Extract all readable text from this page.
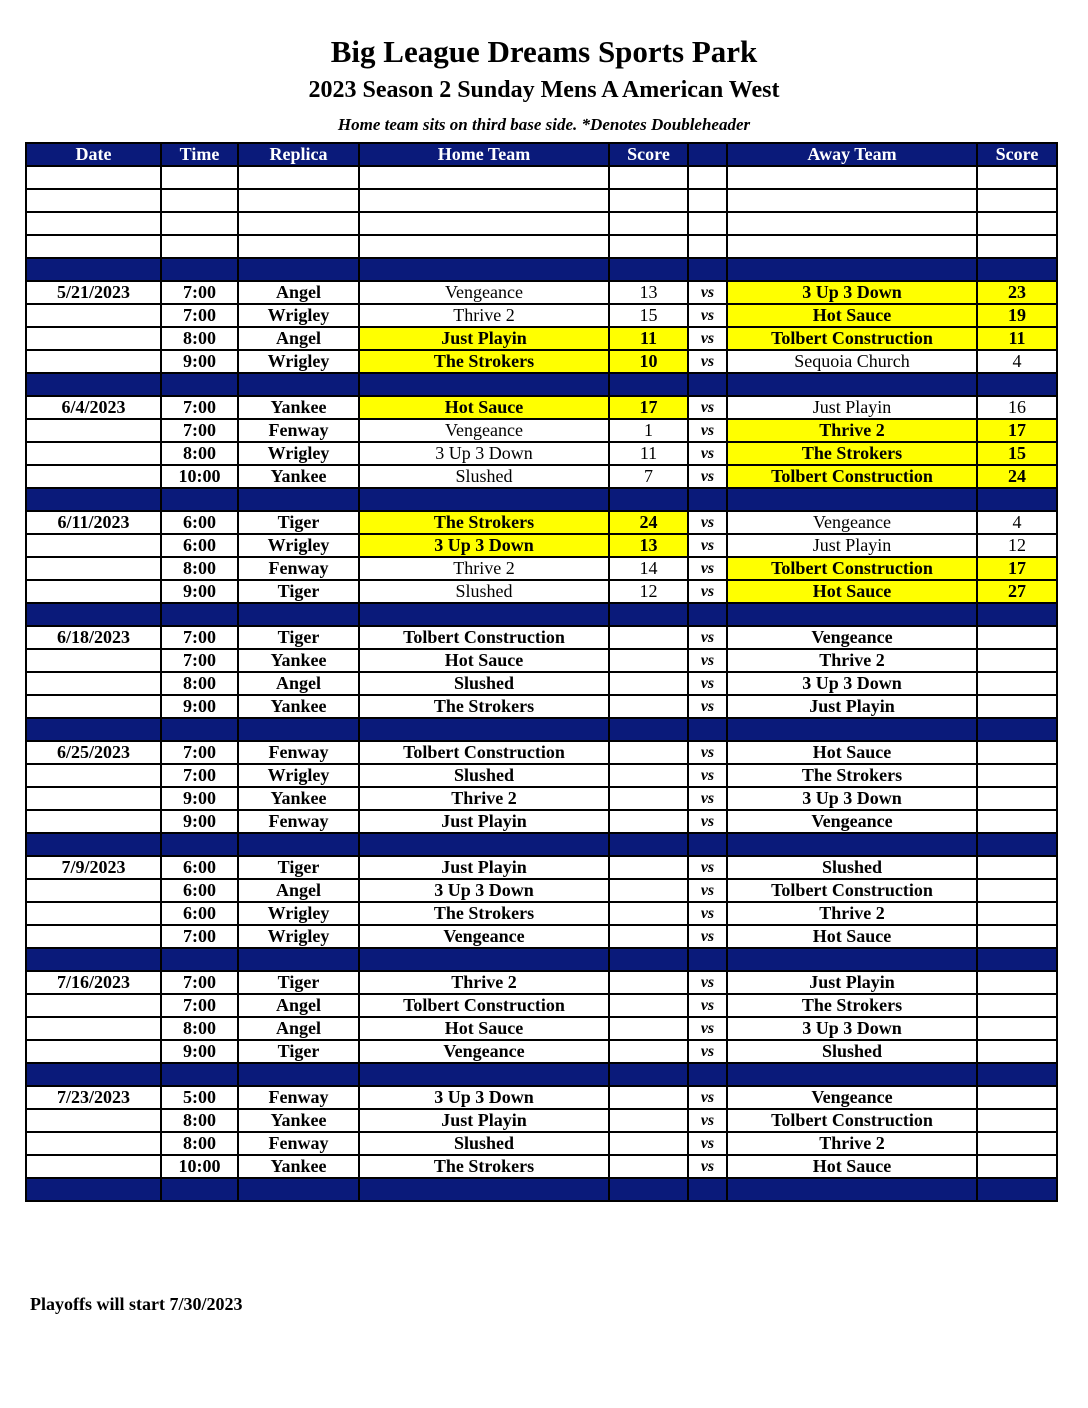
Big League Dreams Sports Park
2023 Season 2 Sunday Mens A American West
Home team sits on third base side. *Denotes Doubleheader
Date	Time	Replica	Home Team	Score		Away Team	Score

5/21/2023	7:00	Angel	Vengeance	13	vs	3 Up 3 Down	23
	7:00	Wrigley	Thrive 2	15	vs	Hot Sauce	19
	8:00	Angel	Just Playin	11	vs	Tolbert Construction	11
	9:00	Wrigley	The Strokers	10	vs	Sequoia Church	4

6/4/2023	7:00	Yankee	Hot Sauce	17	vs	Just Playin	16
	7:00	Fenway	Vengeance	1	vs	Thrive 2	17
	8:00	Wrigley	3 Up 3 Down	11	vs	The Strokers	15
	10:00	Yankee	Slushed	7	vs	Tolbert Construction	24

6/11/2023	6:00	Tiger	The Strokers	24	vs	Vengeance	4
	6:00	Wrigley	3 Up 3 Down	13	vs	Just Playin	12
	8:00	Fenway	Thrive 2	14	vs	Tolbert Construction	17
	9:00	Tiger	Slushed	12	vs	Hot Sauce	27

6/18/2023	7:00	Tiger	Tolbert Construction		vs	Vengeance	
	7:00	Yankee	Hot Sauce		vs	Thrive 2	
	8:00	Angel	Slushed		vs	3 Up 3 Down	
	9:00	Yankee	The Strokers		vs	Just Playin	

6/25/2023	7:00	Fenway	Tolbert Construction		vs	Hot Sauce	
	7:00	Wrigley	Slushed		vs	The Strokers	
	9:00	Yankee	Thrive 2		vs	3 Up 3 Down	
	9:00	Fenway	Just Playin		vs	Vengeance	

7/9/2023	6:00	Tiger	Just Playin		vs	Slushed	
	6:00	Angel	3 Up 3 Down		vs	Tolbert Construction	
	6:00	Wrigley	The Strokers		vs	Thrive 2	
	7:00	Wrigley	Vengeance		vs	Hot Sauce	

7/16/2023	7:00	Tiger	Thrive 2		vs	Just Playin	
	7:00	Angel	Tolbert Construction		vs	The Strokers	
	8:00	Angel	Hot Sauce		vs	3 Up 3 Down	
	9:00	Tiger	Vengeance		vs	Slushed	

7/23/2023	5:00	Fenway	3 Up 3 Down		vs	Vengeance	
	8:00	Yankee	Just Playin		vs	Tolbert Construction	
	8:00	Fenway	Slushed		vs	Thrive 2	
	10:00	Yankee	The Strokers		vs	Hot Sauce	

Playoffs will start 7/30/2023
